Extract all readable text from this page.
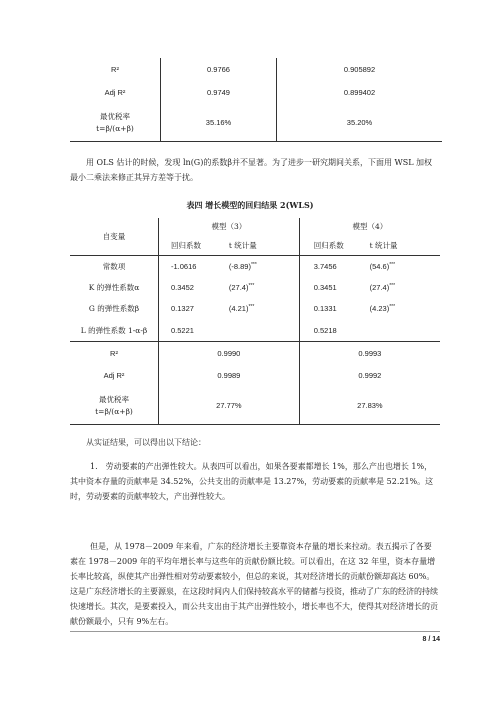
R²	0.9766	0.905892
Adj R²	0.9749	0.899402

最优税率
t=β/(α+β)	35.16%	35.20%

用 OLS 估计的时候，发现 ln(G)的系数β并不显著。为了进步一研究期间关系，下面用 WSL 加权最小二乘法来修正其异方差等于扰。

表四 增长模型的回归结果 2(WLS)
自变量	模型（3）		模型（4）	
	回归系数	t 统计量	回归系数	t 统计量
常数项	-1.0616	(-8.89)***	3.7456	(54.6)***
K 的弹性系数α	0.3452	(27.4)***	0.3451	(27.4)***
G 的弹性系数β	0.1327	(4.21)***	0.1331	(4.23)***
L 的弹性系数 1-α-β	0.5221		0.5218	
R²	0.9990		0.9993	
Adj R²	0.9989		0.9992	

最优税率
t=β/(α+β)	27.77%		27.83%	

从实证结果，可以得出以下结论：

1.　劳动要素的产出弹性较大。从表四可以看出，如果各要素都增长 1%，那么产出也增长 1%，其中资本存量的贡献率是 34.52%，公共支出的贡献率是 13.27%，劳动要素的贡献率是 52.21%。这时，劳动要素的贡献率较大，产出弹性较大。

但是，从 1978－2009 年来看，广东的经济增长主要靠资本存量的增长来拉动。表五揭示了各要素在 1978－2009 年的平均年增长率与这些年的贡献份额比较。可以看出，在这 32 年里，资本存量增长率比较高，纵使其产出弹性相对劳动要素较小，但总的来说，其对经济增长的贡献份额却高达 60%。这是广东经济增长的主要源泉，在这段时间内人们保持较高水平的储蓄与投资，推动了广东的经济的持续快速增长。其次，是要素投入，而公共支出由于其产出弹性较小，增长率也不大，使得其对经济增长的贡献份额最小，只有 9%左右。

8 / 14
